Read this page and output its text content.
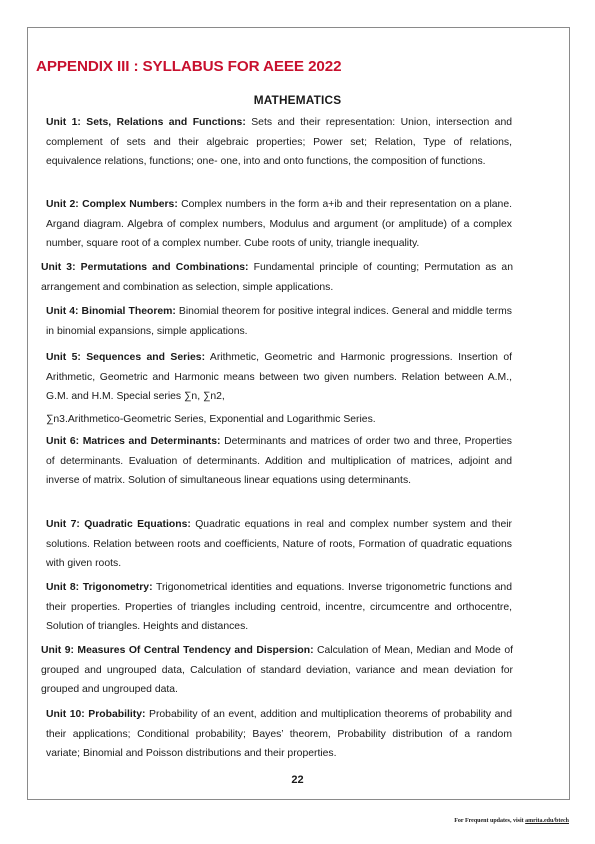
APPENDIX III : SYLLABUS FOR AEEE 2022
MATHEMATICS

Unit 1: Sets, Relations and Functions: Sets and their representation: Union, intersection and complement of sets and their algebraic properties; Power set; Relation, Type of relations, equivalence relations, functions; one- one, into and onto functions, the composition of functions.

Unit 2: Complex Numbers: Complex numbers in the form a+ib and their representation on a plane. Argand diagram. Algebra of complex numbers, Modulus and argument (or amplitude) of a complex number, square root of a complex number. Cube roots of unity, triangle inequality.

Unit 3: Permutations and Combinations: Fundamental principle of counting; Permutation as an arrangement and combination as selection, simple applications.

Unit 4: Binomial Theorem: Binomial theorem for positive integral indices. General and middle terms in binomial expansions, simple applications.

Unit 5: Sequences and Series: Arithmetic, Geometric and Harmonic progressions. Insertion of Arithmetic, Geometric and Harmonic means between two given numbers. Relation between A.M., G.M. and H.M. Special series ∑n, ∑n2,

∑n3.Arithmetico-Geometric Series, Exponential and Logarithmic Series.

Unit 6: Matrices and Determinants: Determinants and matrices of order two and three, Properties of determinants. Evaluation of determinants. Addition and multiplication of matrices, adjoint and inverse of matrix. Solution of simultaneous linear equations using determinants.

Unit 7: Quadratic Equations: Quadratic equations in real and complex number system and their solutions. Relation between roots and coefficients, Nature of roots, Formation of quadratic equations with given roots.

Unit 8: Trigonometry: Trigonometrical identities and equations. Inverse trigonometric functions and their properties. Properties of triangles including centroid, incentre, circumcentre and orthocentre, Solution of triangles. Heights and distances.

Unit 9: Measures Of Central Tendency and Dispersion: Calculation of Mean, Median and Mode of grouped and ungrouped data, Calculation of standard deviation, variance and mean deviation for grouped and ungrouped data.

Unit 10: Probability: Probability of an event, addition and multiplication theorems of probability and their applications; Conditional probability; Bayes’ theorem, Probability distribution of a random variate; Binomial and Poisson distributions and their properties.

22
For Frequent updates, visit amrita.edu/btech
